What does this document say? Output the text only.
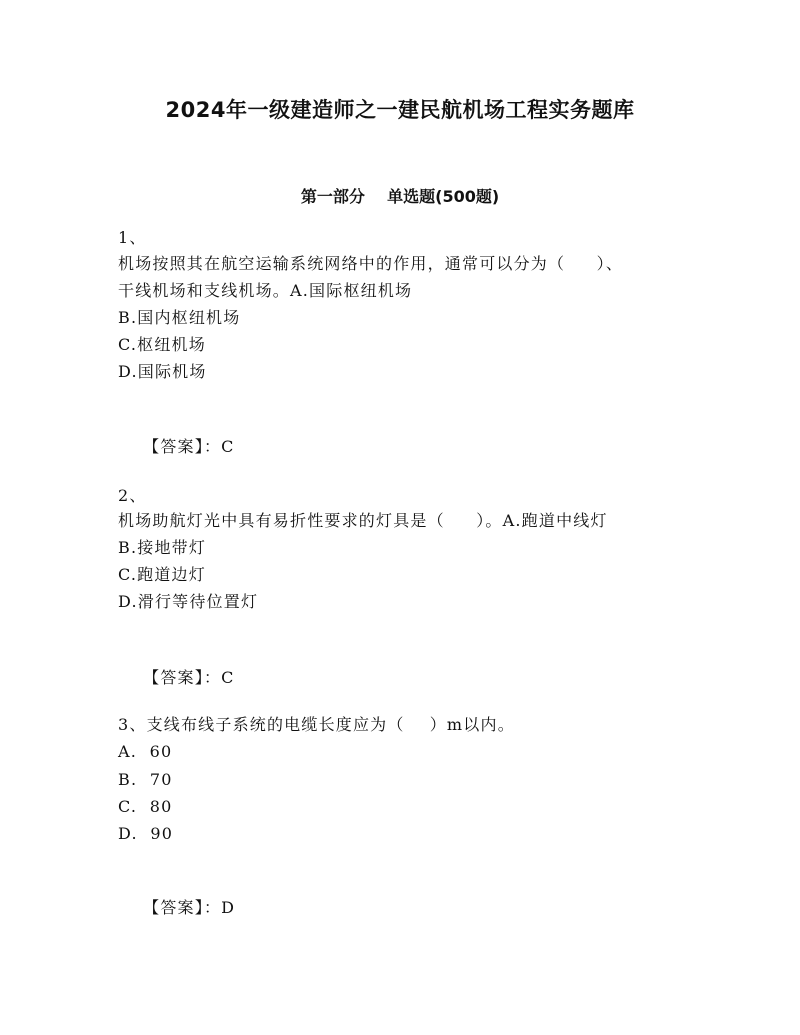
2024年一级建造师之一建民航机场工程实务题库
第一部分    单选题(500题)
1、
机场按照其在航空运输系统网络中的作用，通常可以分为（     ）、
干线机场和支线机场。A.国际枢纽机场
B.国内枢纽机场
C.枢纽机场
D.国际机场

【答案】：C

2、
机场助航灯光中具有易折性要求的灯具是（     ）。A.跑道中线灯
B.接地带灯
C.跑道边灯
D.滑行等待位置灯

【答案】：C

3、支线布线子系统的电缆长度应为（    ）m以内。
A.  60
B.  70
C.  80
D.  90

【答案】：D
